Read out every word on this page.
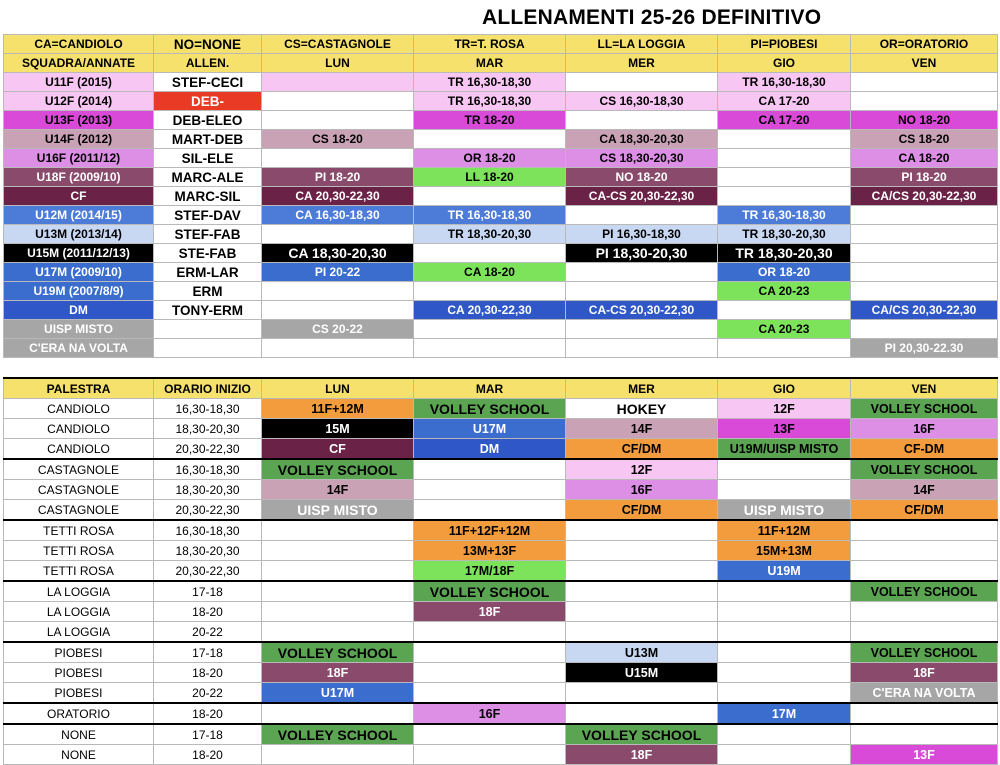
ALLENAMENTI 25-26 DEFINITIVO
CA=CANDIOLO	NO=NONE	CS=CASTAGNOLE	TR=T. ROSA	LL=LA LOGGIA	PI=PIOBESI	OR=ORATORIO
SQUADRA/ANNATE	ALLEN.	LUN	MAR	MER	GIO	VEN
U11F (2015)	STEF-CECI		TR 16,30-18,30		TR 16,30-18,30	
U12F (2014)	DEB-		TR 16,30-18,30	CS 16,30-18,30	CA 17-20	
U13F (2013)	DEB-ELEO		TR 18-20		CA 17-20	NO 18-20
U14F (2012)	MART-DEB	CS 18-20		CA 18,30-20,30		CS 18-20
U16F (2011/12)	SIL-ELE		OR 18-20	CS 18,30-20,30		CA 18-20
U18F (2009/10)	MARC-ALE	PI 18-20	LL 18-20	NO 18-20		PI 18-20
CF	MARC-SIL	CA 20,30-22,30		CA-CS 20,30-22,30		CA/CS 20,30-22,30
U12M (2014/15)	STEF-DAV	CA 16,30-18,30	TR 16,30-18,30		TR 16,30-18,30	
U13M (2013/14)	STEF-FAB		TR 18,30-20,30	PI 16,30-18,30	TR 18,30-20,30	
U15M (2011/12/13)	STE-FAB	CA 18,30-20,30		PI 18,30-20,30	TR 18,30-20,30	
U17M (2009/10)	ERM-LAR	PI 20-22	CA 18-20		OR 18-20	
U19M (2007/8/9)	ERM				CA 20-23	
DM	TONY-ERM		CA 20,30-22,30	CA-CS 20,30-22,30		CA/CS 20,30-22,30
UISP MISTO		CS 20-22			CA 20-23	
C'ERA NA VOLTA						PI 20,30-22.30
PALESTRA	ORARIO INIZIO	LUN	MAR	MER	GIO	VEN
CANDIOLO	16,30-18,30	11F+12M	VOLLEY SCHOOL	HOKEY	12F	VOLLEY SCHOOL
CANDIOLO	18,30-20,30	15M	U17M	14F	13F	16F
CANDIOLO	20,30-22,30	CF	DM	CF/DM	U19M/UISP MISTO	CF-DM
CASTAGNOLE	16,30-18,30	VOLLEY SCHOOL		12F		VOLLEY SCHOOL
CASTAGNOLE	18,30-20,30	14F		16F		14F
CASTAGNOLE	20,30-22,30	UISP MISTO		CF/DM	UISP MISTO	CF/DM
TETTI ROSA	16,30-18,30		11F+12F+12M		11F+12M	
TETTI ROSA	18,30-20,30		13M+13F		15M+13M	
TETTI ROSA	20,30-22,30		17M/18F		U19M	
LA LOGGIA	17-18		VOLLEY SCHOOL			VOLLEY SCHOOL
LA LOGGIA	18-20		18F			
LA LOGGIA	20-22					
PIOBESI	17-18	VOLLEY SCHOOL		U13M		VOLLEY SCHOOL
PIOBESI	18-20	18F		U15M		18F
PIOBESI	20-22	U17M				C'ERA NA VOLTA
ORATORIO	18-20		16F		17M	
NONE	17-18	VOLLEY SCHOOL		VOLLEY SCHOOL		
NONE	18-20			18F		13F
